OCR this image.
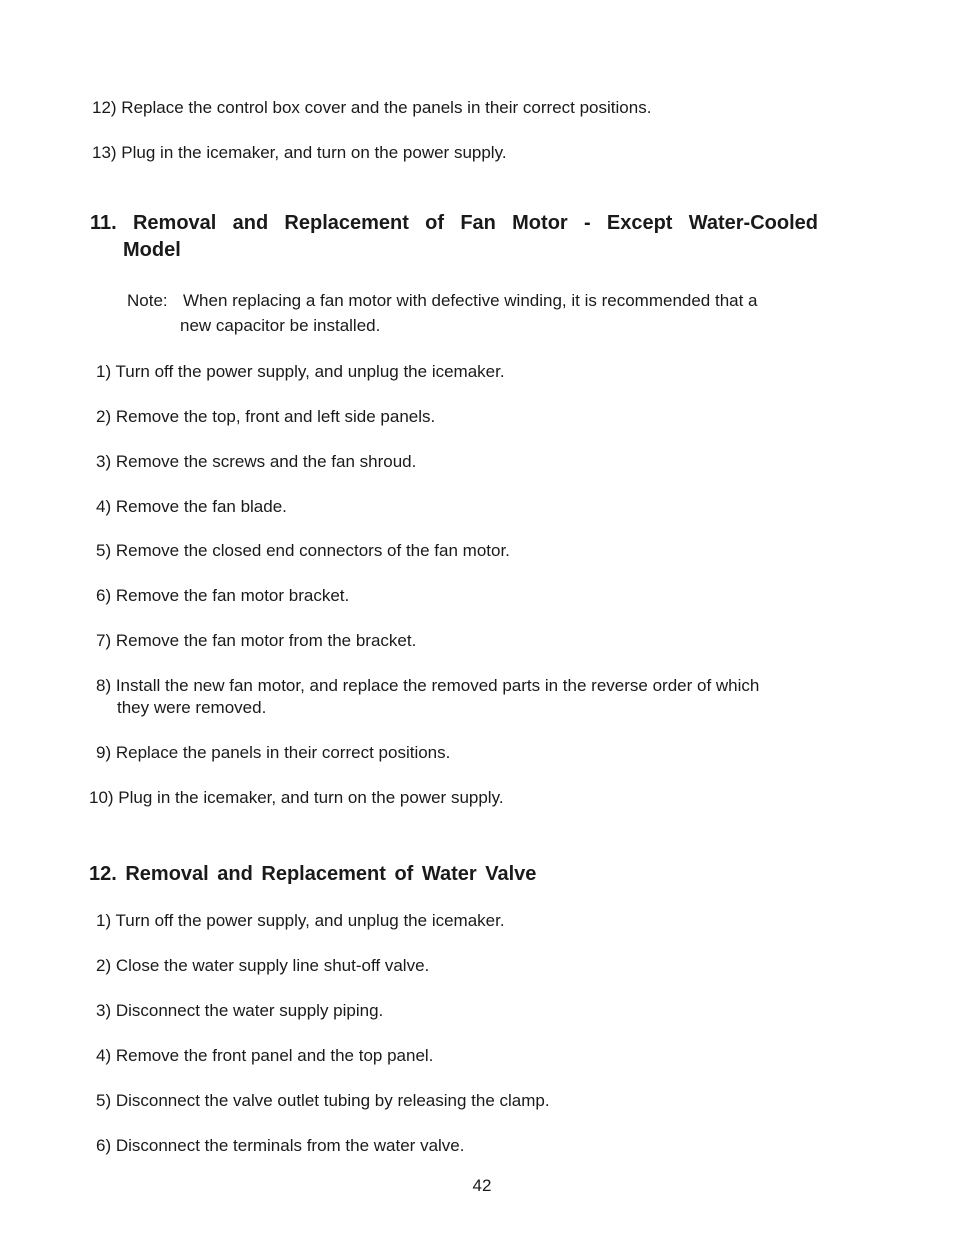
12) Replace the control box cover and the panels in their correct positions.
13) Plug in the icemaker, and turn on the power supply.
11. Removal and Replacement of Fan Motor - Except Water-Cooled
Model
Note: When replacing a fan motor with defective winding, it is recommended that a
new capacitor be installed.
1) Turn off the power supply, and unplug the icemaker.
2) Remove the top, front and left side panels.
3) Remove the screws and the fan shroud.
4) Remove the fan blade.
5) Remove the closed end connectors of the fan motor.
6) Remove the fan motor bracket.
7) Remove the fan motor from the bracket.
8) Install the new fan motor, and replace the removed parts in the reverse order of which
they were removed.
9) Replace the panels in their correct positions.
10) Plug in the icemaker, and turn on the power supply.
12. Removal and Replacement of Water Valve
1) Turn off the power supply, and unplug the icemaker.
2) Close the water supply line shut-off valve.
3) Disconnect the water supply piping.
4) Remove the front panel and the top panel.
5) Disconnect the valve outlet tubing by releasing the clamp.
6) Disconnect the terminals from the water valve.
42
